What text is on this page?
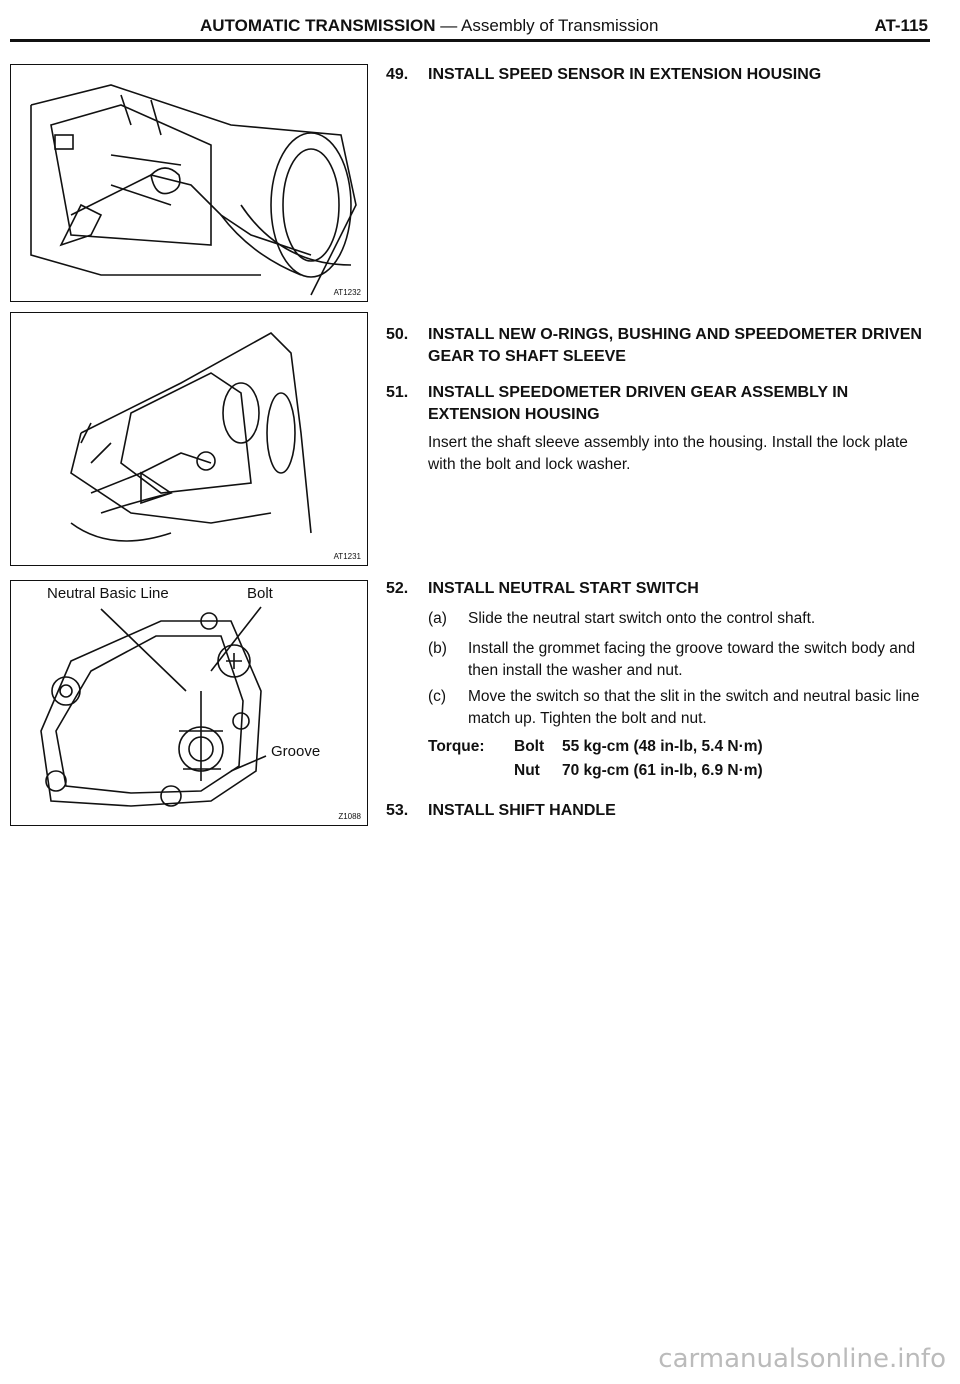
AUTOMATIC TRANSMISSION — Assembly of Transmission	AT-115
AT1232
AT1231
Neutral Basic Line	Bolt
Groove
Z1088
49. INSTALL SPEED SENSOR IN EXTENSION HOUSING
50. INSTALL NEW O-RINGS, BUSHING AND SPEEDOMETER DRIVEN GEAR TO SHAFT SLEEVE
51. INSTALL SPEEDOMETER DRIVEN GEAR ASSEMBLY IN EXTENSION HOUSING
Insert the shaft sleeve assembly into the housing. Install the lock plate with the bolt and lock washer.
52. INSTALL NEUTRAL START SWITCH
(a) Slide the neutral start switch onto the control shaft.
(b) Install the grommet facing the groove toward the switch body and then install the washer and nut.
(c) Move the switch so that the slit in the switch and neutral basic line match up. Tighten the bolt and nut.
Torque: Bolt 55 kg-cm (48 in-lb, 5.4 N·m)
Nut 70 kg-cm (61 in-lb, 6.9 N·m)
53. INSTALL SHIFT HANDLE
carmanualsonline.info
